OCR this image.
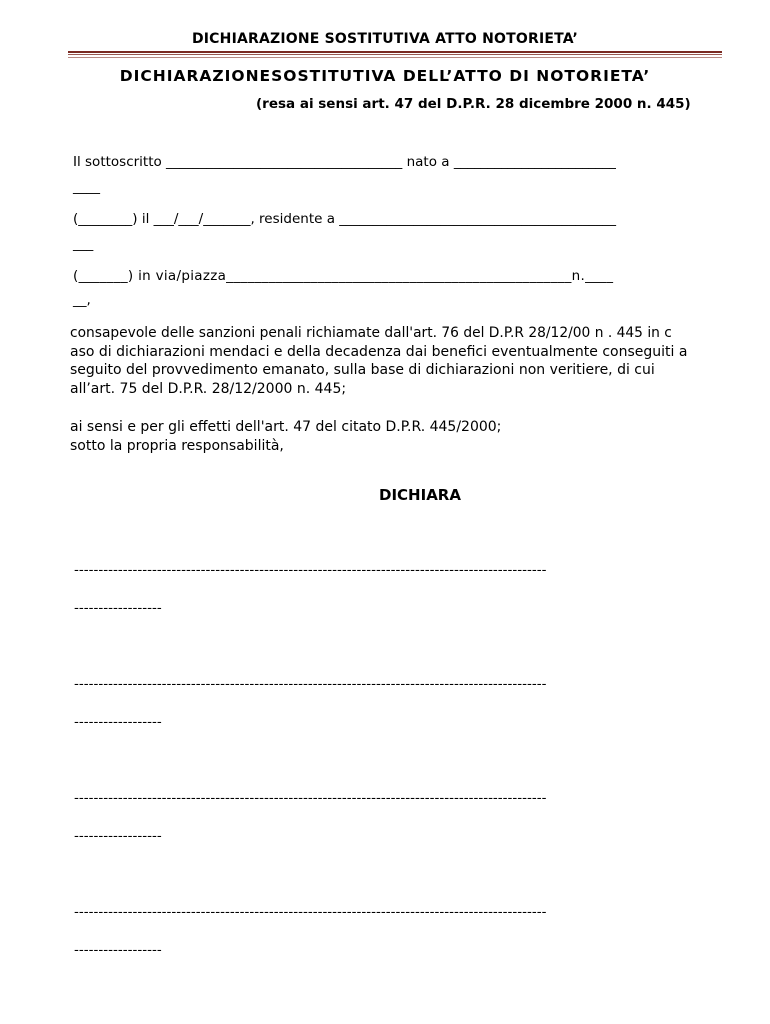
DICHIARAZIONE SOSTITUTIVA ATTO NOTORIETA’
DICHIARAZIONESOSTITUTIVA DELL’ATTO DI NOTORIETA’
(resa ai sensi art. 47 del D.P.R. 28 dicembre 2000 n. 445)
Il sottoscritto ___________________________________ nato a ________________________
____
(________) il ___/___/_______, residente a _________________________________________
___
(_______) in via/piazza_________________________________________________n.____
__,
consapevole delle sanzioni penali richiamate dall'art. 76 del D.P.R 28/12/00 n . 445 in c
aso di dichiarazioni mendaci e della decadenza dai benefici eventualmente conseguiti a
seguito del provvedimento emanato, sulla base di dichiarazioni non veritiere, di cui
all’art. 75 del D.P.R. 28/12/2000 n. 445;
ai sensi e per gli effetti dell'art. 47 del citato D.P.R. 445/2000;
sotto la propria responsabilità,
DICHIARA
-------------------------------------------------------------------------------------------------
------------------
-------------------------------------------------------------------------------------------------
------------------
-------------------------------------------------------------------------------------------------
------------------
-------------------------------------------------------------------------------------------------
------------------
